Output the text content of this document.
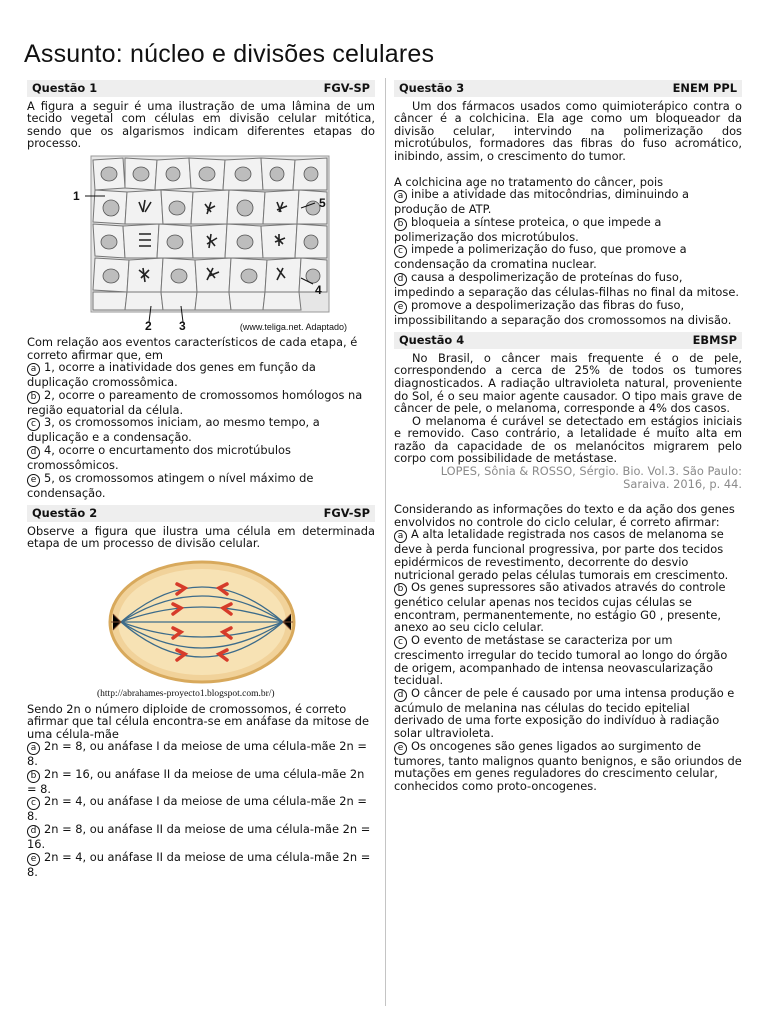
Assunto: núcleo e divisões celulares
Questão 1	FGV-SP

A figura a seguir é uma ilustração de uma lâmina de um tecido vegetal com células em divisão celular mitótica, sendo que os algarismos indicam diferentes etapas do processo.

1	5
4
2 3	(www.teliga.net. Adaptado)

Com relação aos eventos característicos de cada etapa, é correto afirmar que, em

a 1, ocorre a inatividade dos genes em função da duplicação cromossômica.

b 2, ocorre o pareamento de cromossomos homólogos na região equatorial da célula.

c 3, os cromossomos iniciam, ao mesmo tempo, a duplicação e a condensação.

d 4, ocorre o encurtamento dos microtúbulos cromossômicos.

e 5, os cromossomos atingem o nível máximo de condensação.

Questão 2	FGV-SP

Observe a figura que ilustra uma célula em determinada etapa de um processo de divisão celular.

(http://abrahames-proyecto1.blogspot.com.br/)

Sendo 2n o número diploide de cromossomos, é correto afirmar que tal célula encontra-se em anáfase da mitose de uma célula-mãe

a 2n = 8, ou anáfase I da meiose de uma célula-mãe 2n = 8.

b 2n = 16, ou anáfase II da meiose de uma célula-mãe 2n = 8.

c 2n = 4, ou anáfase I da meiose de uma célula-mãe 2n = 8.

d 2n = 8, ou anáfase II da meiose de uma célula-mãe 2n = 16.

e 2n = 4, ou anáfase II da meiose de uma célula-mãe 2n = 8.

Questão 3	ENEM PPL

Um dos fármacos usados como quimioterápico contra o câncer é a colchicina. Ela age como um bloqueador da divisão celular, intervindo na polimerização dos microtúbulos, formadores das fibras do fuso acromático, inibindo, assim, o crescimento do tumor.

A colchicina age no tratamento do câncer, pois

a inibe a atividade das mitocôndrias, diminuindo a produção de ATP.

b bloqueia a síntese proteica, o que impede a polimerização dos microtúbulos.

c impede a polimerização do fuso, que promove a condensação da cromatina nuclear.

d causa a despolimerização de proteínas do fuso, impedindo a separação das células-filhas no final da mitose.

e promove a despolimerização das fibras do fuso, impossibilitando a separação dos cromossomos na divisão.

Questão 4	EBMSP

No Brasil, o câncer mais frequente é o de pele, correspondendo a cerca de 25% de todos os tumores diagnosticados. A radiação ultravioleta natural, proveniente do Sol, é o seu maior agente causador. O tipo mais grave de câncer de pele, o melanoma, corresponde a 4% dos casos.

O melanoma é curável se detectado em estágios iniciais e removido. Caso contrário, a letalidade é muito alta em razão da capacidade de os melanócitos migrarem pelo corpo com possibilidade de metástase.

LOPES, Sônia & ROSSO, Sérgio. Bio. Vol.3. São Paulo: Saraiva. 2016, p. 44.

Considerando as informações do texto e da ação dos genes envolvidos no controle do ciclo celular, é correto afirmar:

a A alta letalidade registrada nos casos de melanoma se deve à perda funcional progressiva, por parte dos tecidos epidérmicos de revestimento, decorrente do desvio nutricional gerado pelas células tumorais em crescimento.

b Os genes supressores são ativados através do controle genético celular apenas nos tecidos cujas células se encontram, permanentemente, no estágio G0 , presente, anexo ao seu ciclo celular.

c O evento de metástase se caracteriza por um crescimento irregular do tecido tumoral ao longo do órgão de origem, acompanhado de intensa neovascularização tecidual.

d O câncer de pele é causado por uma intensa produção e acúmulo de melanina nas células do tecido epitelial derivado de uma forte exposição do indivíduo à radiação solar ultravioleta.

e Os oncogenes são genes ligados ao surgimento de tumores, tanto malignos quanto benignos, e são oriundos de mutações em genes reguladores do crescimento celular, conhecidos como proto-oncogenes.
